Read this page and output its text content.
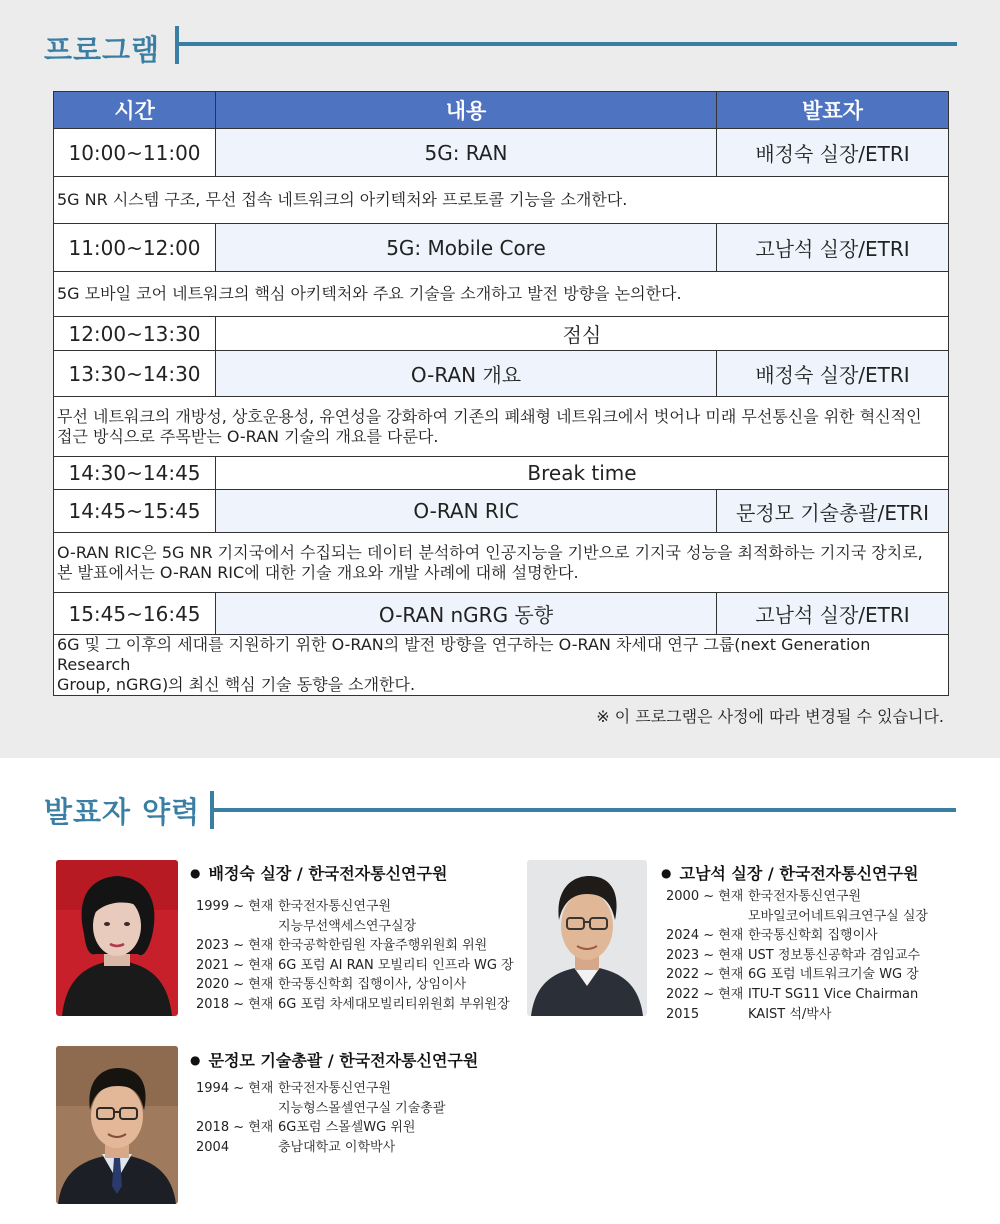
프로그램
시간	내용	발표자
10:00~11:00	5G: RAN	배정숙 실장/ETRI

5G NR 시스템 구조, 무선 접속 네트워크의 아키텍처와 프로토콜 기능을 소개한다.		

11:00~12:00	5G: Mobile Core	고남석 실장/ETRI

5G 모바일 코어 네트워크의 핵심 아키텍처와 주요 기술을 소개하고 발전 방향을 논의한다.		

12:00~13:30	점심	
13:30~14:30	O-RAN 개요	배정숙 실장/ETRI

무선 네트워크의 개방성, 상호운용성, 유연성을 강화하여 기존의 폐쇄형 네트워크에서 벗어나 미래 무선통신을 위한 혁신적인
접근 방식으로 주목받는 O-RAN 기술의 개요를 다룬다.		

14:30~14:45	Break time	
14:45~15:45	O-RAN RIC	문정모 기술총괄/ETRI

O-RAN RIC은 5G NR 기지국에서 수집되는 데이터 분석하여 인공지능을 기반으로 기지국 성능을 최적화하는 기지국 장치로,
본 발표에서는 O-RAN RIC에 대한 기술 개요와 개발 사례에 대해 설명한다.		

15:45~16:45	O-RAN nGRG 동향	고남석 실장/ETRI

6G 및 그 이후의 세대를 지원하기 위한 O-RAN의 발전 방향을 연구하는 O-RAN 차세대 연구 그룹(next Generation Research
Group, nGRG)의 최신 핵심 기술 동향을 소개한다.		
※ 이 프로그램은 사정에 따라 변경될 수 있습니다.
발표자 약력
● 배정숙 실장 / 한국전자통신연구원
1999 ~ 현재 한국전자통신연구원
지능무선액세스연구실장
2023 ~ 현재 한국공학한림원 자율주행위원회 위원
2021 ~ 현재 6G 포럼 AI RAN 모빌리티 인프라 WG 장
2020 ~ 현재 한국통신학회 집행이사, 상임이사
2018 ~ 현재 6G 포럼 차세대모빌리티위원회 부위원장
● 고남석 실장 / 한국전자통신연구원
2000 ~ 현재 한국전자통신연구원
모바일코어네트워크연구실 실장
2024 ~ 현재 한국통신학회 집행이사
2023 ~ 현재 UST 정보통신공학과 겸임교수
2022 ~ 현재 6G 포럼 네트워크기술 WG 장
2022 ~ 현재 ITU-T SG11 Vice Chairman
2015	KAIST 석/박사
● 문정모 기술총괄 / 한국전자통신연구원
1994 ~ 현재 한국전자통신연구원
지능형스몰셀연구실 기술총괄
2018 ~ 현재 6G포럼 스몰셀WG 위원
2004	충남대학교 이학박사
